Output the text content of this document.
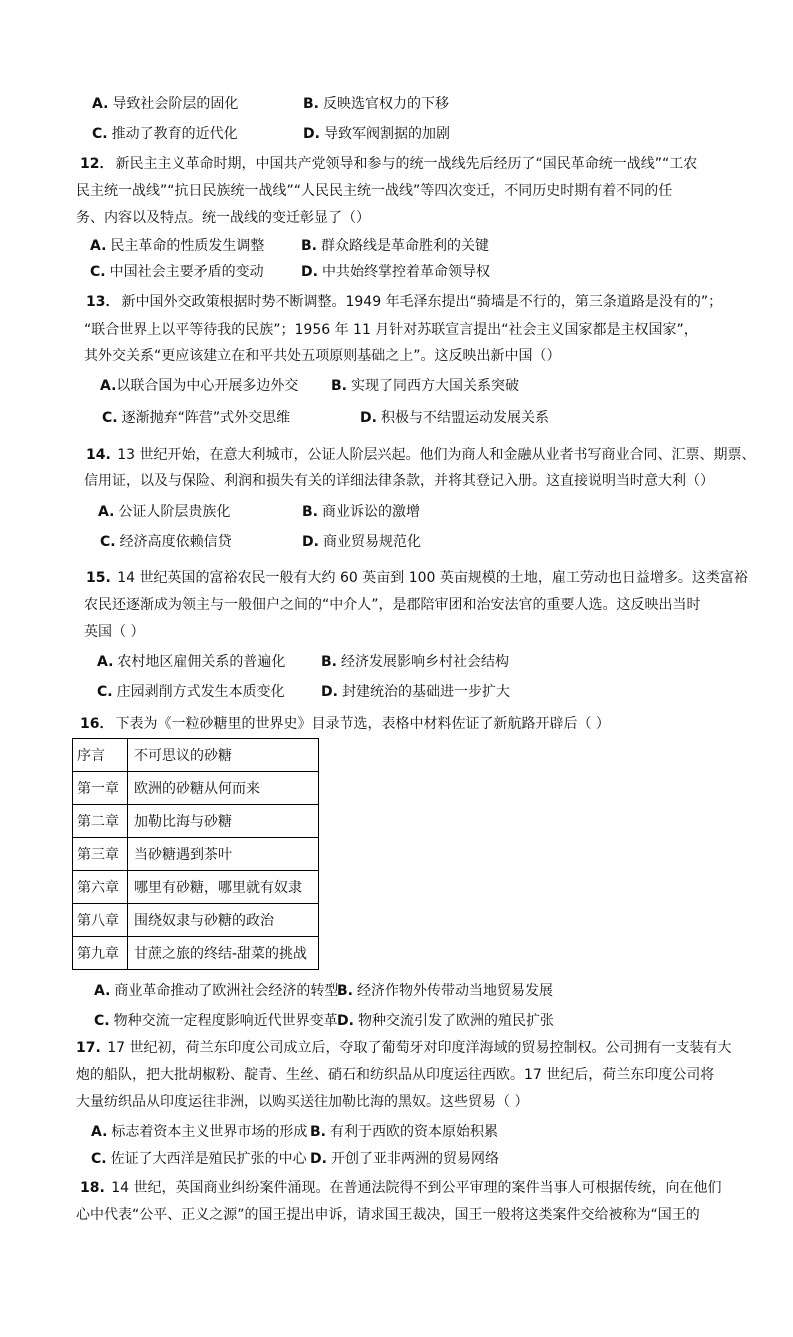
A. 导致社会阶层的固化	B. 反映选官权力的下移
C. 推动了教育的近代化	D. 导致军阀割据的加剧
12． 新民主主义革命时期，中国共产党领导和参与的统一战线先后经历了“国民革命统一战线”“工农
民主统一战线”“抗日民族统一战线”“人民民主统一战线”等四次变迁，不同历史时期有着不同的任
务、内容以及特点。统一战线的变迁彰显了（）
A. 民主革命的性质发生调整	B. 群众路线是革命胜利的关键
C. 中国社会主要矛盾的变动	D. 中共始终掌控着革命领导权
13． 新中国外交政策根据时势不断调整。1949 年毛泽东提出“骑墙是不行的，第三条道路是没有的”；
“联合世界上以平等待我的民族”；1956 年 11 月针对苏联宣言提出“社会主义国家都是主权国家”，
其外交关系“更应该建立在和平共处五项原则基础之上”。这反映出新中国（）
A.以联合国为中心开展多边外交 B. 实现了同西方大国关系突破
C. 逐渐抛弃“阵营”式外交思维	D. 积极与不结盟运动发展关系
14. 13 世纪开始，在意大利城市，公证人阶层兴起。他们为商人和金融从业者书写商业合同、汇票、期票、
信用证，以及与保险、利润和损失有关的详细法律条款，并将其登记入册。这直接说明当时意大利（）
A. 公证人阶层贵族化	B. 商业诉讼的激增
C. 经济高度依赖信贷	D. 商业贸易规范化
15. 14 世纪英国的富裕农民一般有大约 60 英亩到 100 英亩规模的土地，雇工劳动也日益增多。这类富裕
农民还逐渐成为领主与一般佃户之间的“中介人”，是郡陪审团和治安法官的重要人选。这反映出当时
英国（ ）
A. 农村地区雇佣关系的普遍化	B. 经济发展影响乡村社会结构
C. 庄园剥削方式发生本质变化	D. 封建统治的基础进一步扩大
16． 下表为《一粒砂糖里的世界史》目录节选，表格中材料佐证了新航路开辟后（ ）
序言	不可思议的砂糖
第一章	欧洲的砂糖从何而来
第二章	加勒比海与砂糖
第三章	当砂糖遇到茶叶
第六章	哪里有砂糖，哪里就有奴隶
第八章	围绕奴隶与砂糖的政治
第九章	甘蔗之旅的终结-甜菜的挑战
A. 商业革命推动了欧洲社会经济的转型
B. 经济作物外传带动当地贸易发展
C. 物种交流一定程度影响近代世界变革 D. 物种交流引发了欧洲的殖民扩张
17. 17 世纪初，荷兰东印度公司成立后，夺取了葡萄牙对印度洋海域的贸易控制权。公司拥有一支装有大
炮的船队，把大批胡椒粉、靛青、生丝、硝石和纺织品从印度运往西欧。17 世纪后，荷兰东印度公司将
大量纺织品从印度运往非洲，以购买送往加勒比海的黑奴。这些贸易（ ）
A. 标志着资本主义世界市场的形成 B. 有利于西欧的资本原始积累
C. 佐证了大西洋是殖民扩张的中心 D. 开创了亚非两洲的贸易网络
18. 14 世纪，英国商业纠纷案件涌现。在普通法院得不到公平审理的案件当事人可根据传统，向在他们
心中代表“公平、正义之源”的国王提出申诉，请求国王裁决，国王一般将这类案件交给被称为“国王的
